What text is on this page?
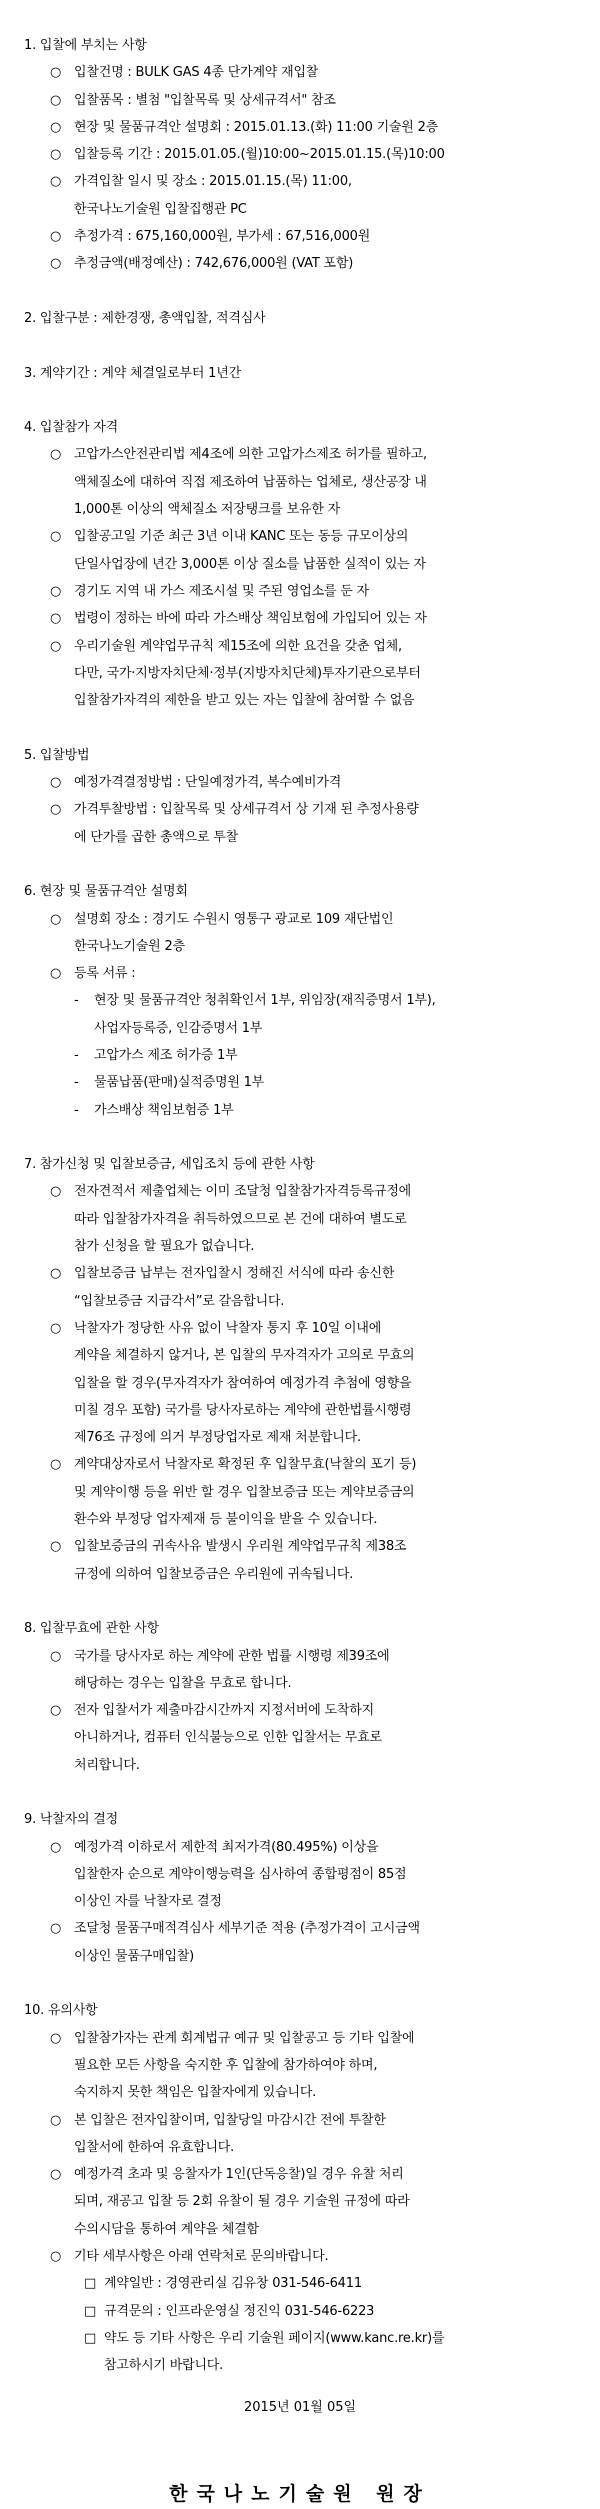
1. 입찰에 부치는 사항
○ 입찰건명 : BULK GAS 4종 단가계약 재입찰
○ 입찰품목 : 별첨 "입찰목록 및 상세규격서" 참조
○ 현장 및 물품규격안 설명회 : 2015.01.13.(화) 11:00 기술원 2층
○ 입찰등록 기간 : 2015.01.05.(월)10:00~2015.01.15.(목)10:00
○ 가격입찰 일시 및 장소 : 2015.01.15.(목) 11:00,
한국나노기술원 입찰집행관 PC
○ 추정가격 : 675,160,000원, 부가세 : 67,516,000원
○ 추정금액(배정예산) : 742,676,000원 (VAT 포함)
2. 입찰구분 : 제한경쟁, 총액입찰, 적격심사
3. 계약기간 : 계약 체결일로부터 1년간
4. 입찰참가 자격
○ 고압가스안전관리법 제4조에 의한 고압가스제조 허가를 필하고,
액체질소에 대하여 직접 제조하여 납품하는 업체로, 생산공장 내
1,000톤 이상의 액체질소 저장탱크를 보유한 자
○ 입찰공고일 기준 최근 3년 이내 KANC 또는 동등 규모이상의
단일사업장에 년간 3,000톤 이상 질소를 납품한 실적이 있는 자
○ 경기도 지역 내 가스 제조시설 및 주된 영업소를 둔 자
○ 법령이 정하는 바에 따라 가스배상 책임보험에 가입되어 있는 자
○ 우리기술원 계약업무규칙 제15조에 의한 요건을 갖춘 업체,
다만, 국가·지방자치단체·정부(지방자치단체)투자기관으로부터
입찰참가자격의 제한을 받고 있는 자는 입찰에 참여할 수 없음
5. 입찰방법
○ 예정가격결정방법 : 단일예정가격, 복수예비가격
○ 가격투찰방법 : 입찰목록 및 상세규격서 상 기재 된 추정사용량
에 단가를 곱한 총액으로 투찰
6. 현장 및 물품규격안 설명회
○ 설명회 장소 : 경기도 수원시 영통구 광교로 109 재단법인
한국나노기술원 2층
○ 등록 서류 :
- 현장 및 물품규격안 청취확인서 1부, 위임장(재직증명서 1부),
사업자등록증, 인감증명서 1부
- 고압가스 제조 허가증 1부
- 물품납품(판매)실적증명원 1부
- 가스배상 책임보험증 1부
7. 참가신청 및 입찰보증금, 세입조치 등에 관한 사항
○ 전자견적서 제출업체는 이미 조달청 입찰참가자격등록규정에
따라 입찰참가자격을 취득하였으므로 본 건에 대하여 별도로
참가 신청을 할 필요가 없습니다.
○ 입찰보증금 납부는 전자입찰시 정해진 서식에 따라 송신한
“입찰보증금 지급각서”로 갈음합니다.
○ 낙찰자가 정당한 사유 없이 낙찰자 통지 후 10일 이내에
계약을 체결하지 않거나, 본 입찰의 무자격자가 고의로 무효의
입찰을 할 경우(무자격자가 참여하여 예정가격 추첨에 영향을
미칠 경우 포함) 국가를 당사자로하는 계약에 관한법률시행령
제76조 규정에 의거 부정당업자로 제재 처분합니다.
○ 계약대상자로서 낙찰자로 확정된 후 입찰무효(낙찰의 포기 등)
및 계약이행 등을 위반 할 경우 입찰보증금 또는 계약보증금의
환수와 부정당 업자제재 등 불이익을 받을 수 있습니다.
○ 입찰보증금의 귀속사유 발생시 우리원 계약업무규칙 제38조
규정에 의하여 입찰보증금은 우리원에 귀속됩니다.
8. 입찰무효에 관한 사항
○ 국가를 당사자로 하는 계약에 관한 법률 시행령 제39조에
해당하는 경우는 입찰을 무효로 합니다.
○ 전자 입찰서가 제출마감시간까지 지정서버에 도착하지
아니하거나, 컴퓨터 인식불능으로 인한 입찰서는 무효로
처리합니다.
9. 낙찰자의 결정
○ 예정가격 이하로서 제한적 최저가격(80.495%) 이상을
입찰한자 순으로 계약이행능력을 심사하여 종합평점이 85점
이상인 자를 낙찰자로 결정
○ 조달청 물품구매적격심사 세부기준 적용 (추정가격이 고시금액
이상인 물품구매입찰)
10. 유의사항
○ 입찰참가자는 관계 회계법규 예규 및 입찰공고 등 기타 입찰에
필요한 모든 사항을 숙지한 후 입찰에 참가하여야 하며,
숙지하지 못한 책임은 입찰자에게 있습니다.
○ 본 입찰은 전자입찰이며, 입찰당일 마감시간 전에 투찰한
입찰서에 한하여 유효합니다.
○ 예정가격 초과 및 응찰자가 1인(단독응찰)일 경우 유찰 처리
되며, 재공고 입찰 등 2회 유찰이 될 경우 기술원 규정에 따라
수의시담을 통하여 계약을 체결함
○ 기타 세부사항은 아래 연락처로 문의바랍니다.
□ 계약일반 : 경영관리실 김유창 031-546-6411
□ 규격문의 : 인프라운영실 정진익 031-546-6223
□ 약도 등 기타 사항은 우리 기술원 페이지(www.kanc.re.kr)를
참고하시기 바랍니다.
2015년 01월 05일
한국나노기술원 원장
